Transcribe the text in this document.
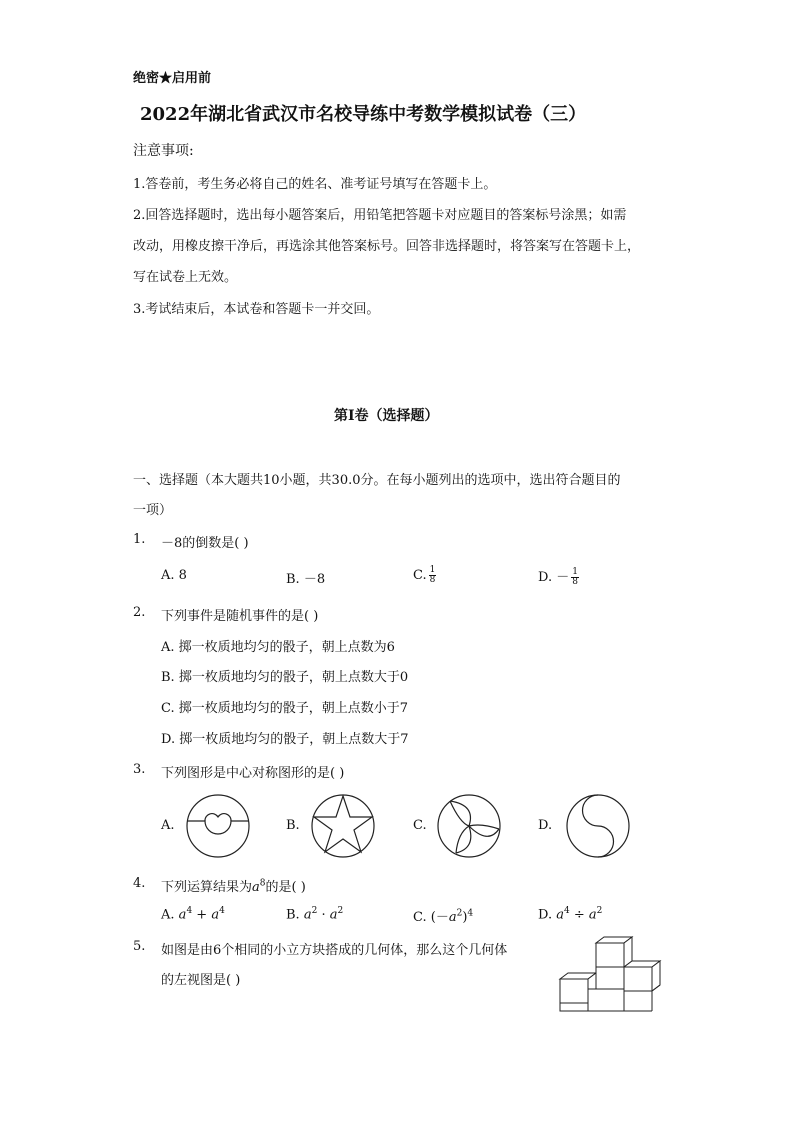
绝密★启用前
2022年湖北省武汉市名校导练中考数学模拟试卷（三）
注意事项:
1.答卷前，考生务必将自己的姓名、准考证号填写在答题卡上。
2.回答选择题时，选出每小题答案后，用铅笔把答题卡对应题目的答案标号涂黑；如需
改动，用橡皮擦干净后，再选涂其他答案标号。回答非选择题时，将答案写在答题卡上，
写在试卷上无效。
3.考试结束后，本试卷和答题卡一并交回。
第I卷（选择题）
一、选择题（本大题共10小题，共30.0分。在每小题列出的选项中，选出符合题目的
一项）
1. －8的倒数是( )
A. 8	B. －8	C. $\frac{1}{8}$	D. － $\frac{1}{8}$
2. 下列事件是随机事件的是( )
A. 掷一枚质地均匀的骰子，朝上点数为6
B. 掷一枚质地均匀的骰子，朝上点数大于0
C. 掷一枚质地均匀的骰子，朝上点数小于7
D. 掷一枚质地均匀的骰子，朝上点数大于7
3. 下列图形是中心对称图形的是( )
A.	B.	C.	D.
4. 下列运算结果为$a^8$的是( )
A. $a^4 + a^4$	B. $a^2 \cdot a^2$	C. $(-a^2)^4$	D. $a^4 \div a^2$
5. 如图是由6个相同的小立方块搭成的几何体，那么这个几何体
的左视图是( )
